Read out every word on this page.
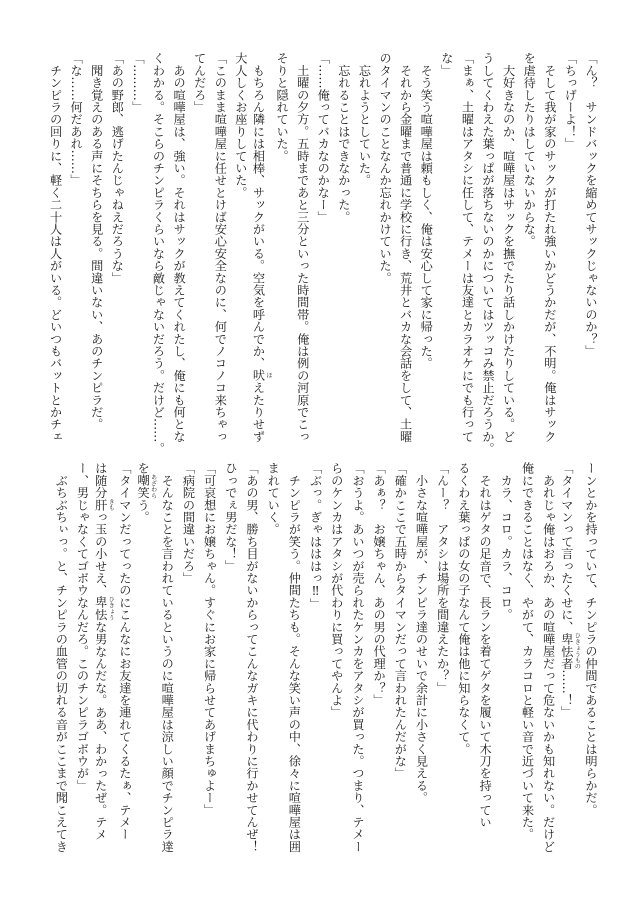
「ん？　サンドバックを縮めてサックじゃないのか？」
「ちっげーよ！」
　そして我が家のサックが打たれ強いかどうかだが、不明。俺はサック
を虐待したりはしていないからな。
　大好きなのか、喧嘩屋はサックを撫でたり話しかけたりしている。ど
うしてくわえた葉っぱが落ちないのかについてはツッコみ禁止だろうか。
「まぁ、土曜はアタシに任して、テメーは友達とカラオケにでも行って
な」
　そう笑う喧嘩屋は頼もしく、俺は安心して家に帰った。
　それから金曜まで普通に学校に行き、荒井とバカな会話をして、土曜
のタイマンのことなんか忘れかけていた。
　忘れようとしていた。
　忘れることはできなかった。
「……俺ってバカなのかなー」
　土曜の夕方。五時まであと三分といった時間帯。俺は例の河原でこっ
そりと隠れていた。
　もちろん隣には相棒、サックがいる。空気を呼んでか、吠 ほえたりせず
大人しくお座りしていた。
「このまま喧嘩屋に任せとけば安心安全なのに、何でノコノコ来ちゃっ
てんだろ」
　あの喧嘩屋は、強い。それはサックが教えてくれたし、俺にも何とな
くわかる。そこらのチンピラくらいなら敵じゃないだろう。だけど……。
「………」
「あの野郎、逃げたんじゃねえだろうな」
　聞き覚えのある声にそちらを見る。間違いない、あのチンピラだ。
「な……何だあれ……」
　チンピラの回りに、軽く二十人は人がいる。どいつもバットとかチェ
ーンとかを持っていて、チンピラの仲間であることは明らかだ。
「タイマンって言ったくせに、卑怯者 ひきょうもの……！」
　あれじゃ俺はおろか、あの喧嘩屋だって危ないかも知れない。だけど
俺にできることはなく、やがて、カラコロと軽い音で近づいて来た。
　カラ、コロ。カラ、コロ。
　それはゲタの足音で、長ランを着てゲタを履いて木刀を持ってい
るくわえ葉っぱの女の子なんて俺は他に知らなくて。
「んー？　アタシは場所を間違えたか？」
　小さな喧嘩屋が、チンピラ達のせいで余計に小さく見える。
「確かここで五時からタイマンだって言われたんだがな」
「あぁ？　お嬢ちゃん、あの男の代理か？」
「おうよ。あいつが売られたケンカをアタシが買った。つまり、テメー
らのケンカはアタシが代わりに買ってやんよ」
「ぶっ。ぎゃはははっ‼」
　チンピラが笑う。仲間たちも。そんな笑い声の中、徐々に喧嘩屋は囲
まれていく。
「あの男、勝ち目がないからってこんなガキに代わりに行かせてんぜ！
ひっでぇ男だな！」
「可哀想にお嬢ちゃん。すぐにお家に帰らせてあげまちゅよー」
「病院の間違いだろ」
　そんなことを言われているというのに喧嘩屋は涼しい顔でチンピラ達
を嘲笑 あざわらう。
「タイマンだってったのにこんなにお友達を連れてくるたぁ、テメー
は随分肝 きもっ玉の小せえ、卑怯 ひきょうな男なんだな。ああ、わかったぜ。テメ
ー、男じゃなくてゴボウなんだろ。このチンピラゴボウが」
　ぶちぶちぃっ。と、チンピラの血管の切れる音がここまで聞こえてき
